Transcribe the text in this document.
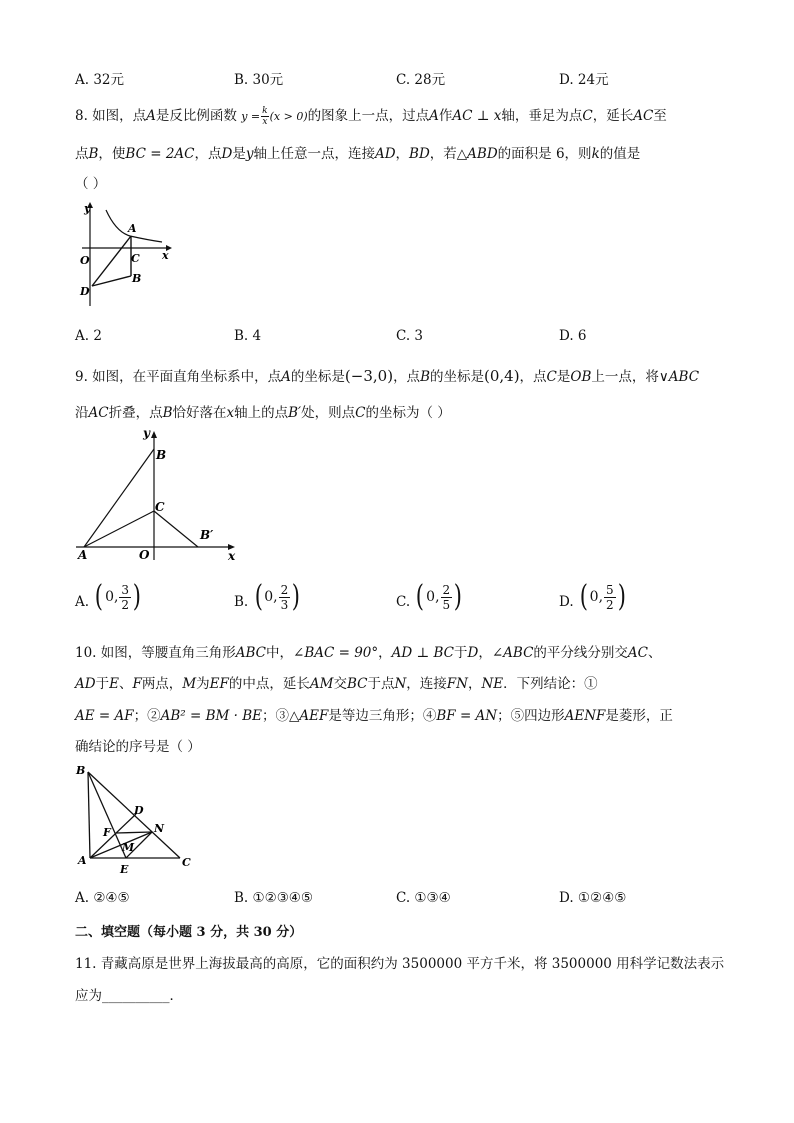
A. 32元	B. 30元	C. 28元	D. 24元
8. 如图，点A是反比例函数 $y = \frac{k}{x} (x > 0)$的图象上一点，过点A作AC ⊥ x轴，垂足为点C，延长AC至
点B，使BC = 2AC，点D是y轴上任意一点，连接AD，BD，若△ABD的面积是 6，则k的值是
（ ）
y
x
O
A
C
B
D
A. 2	B. 4	C. 3	D. 6
9. 如图，在平面直角坐标系中，点A的坐标是(−3,0)，点B的坐标是(0,4)，点C是OB上一点，将∨ABC
沿AC折叠，点B恰好落在x轴上的点B′处，则点C的坐标为（ ）
y
x
B
C
B′
A	O
A. ( 0, $\frac{3}{2}$ )	B. ( 0, $\frac{2}{3}$ )	C. ( 0, $\frac{2}{5}$ )	D. ( 0, $\frac{5}{2}$ )
10. 如图，等腰直角三角形ABC中，∠BAC = 90°，AD ⊥ BC于D，∠ABC的平分线分别交AC、
AD于E、F两点，M为EF的中点，延长AM交BC于点N，连接FN，NE．下列结论：①
AE = AF；②AB² = BM · BE；③△AEF是等边三角形；④BF = AN；⑤四边形AENF是菱形，正
确结论的序号是（ ）
B
D
N
F
M
A
E
C
A. ②④⑤	B. ①②③④⑤	C. ①③④	D. ①②④⑤
二、填空题（每小题 3 分，共 30 分）
11. 青藏高原是世界上海拔最高的高原，它的面积约为 3500000 平方千米，将 3500000 用科学记数法表示
应为__________．
